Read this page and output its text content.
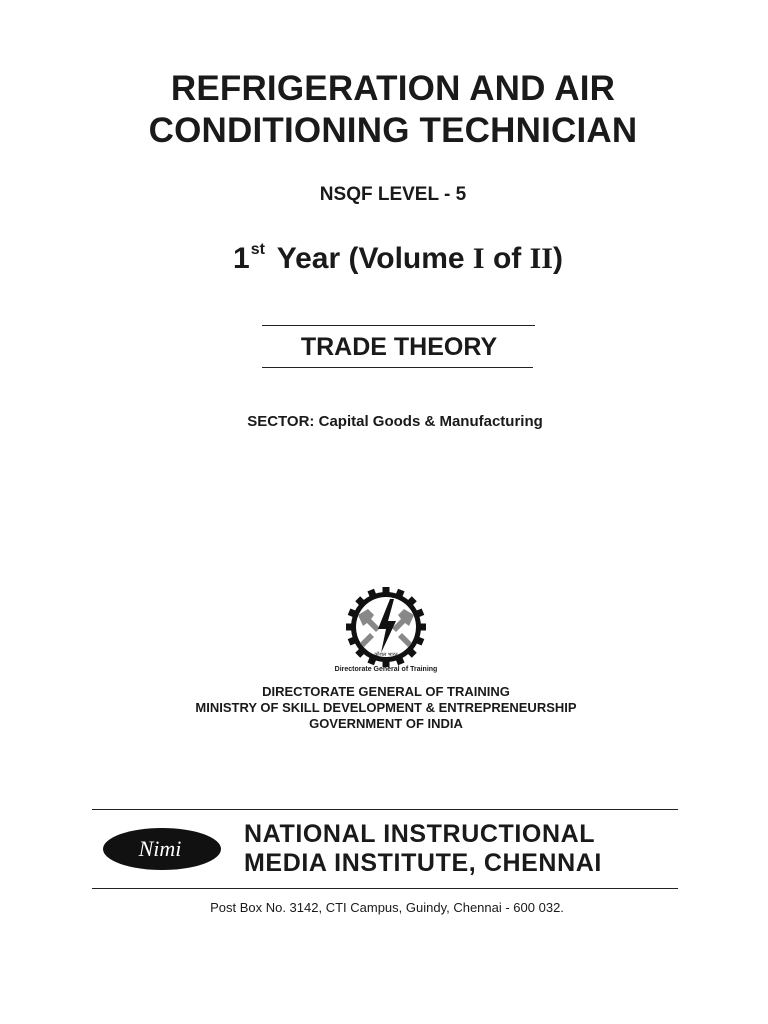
REFRIGERATION AND AIR
CONDITIONING TECHNICIAN

NSQF LEVEL - 5

1st Year (Volume I of II)

TRADE THEORY

SECTOR: Capital Goods & Manufacturing
कौशल भारत
Directorate General of Training
DIRECTORATE GENERAL OF TRAINING
MINISTRY OF SKILL DEVELOPMENT & ENTREPRENEURSHIP
GOVERNMENT OF INDIA
Nimi
NATIONAL INSTRUCTIONAL
MEDIA INSTITUTE, CHENNAI
Post Box No. 3142, CTI Campus, Guindy, Chennai - 600 032.
